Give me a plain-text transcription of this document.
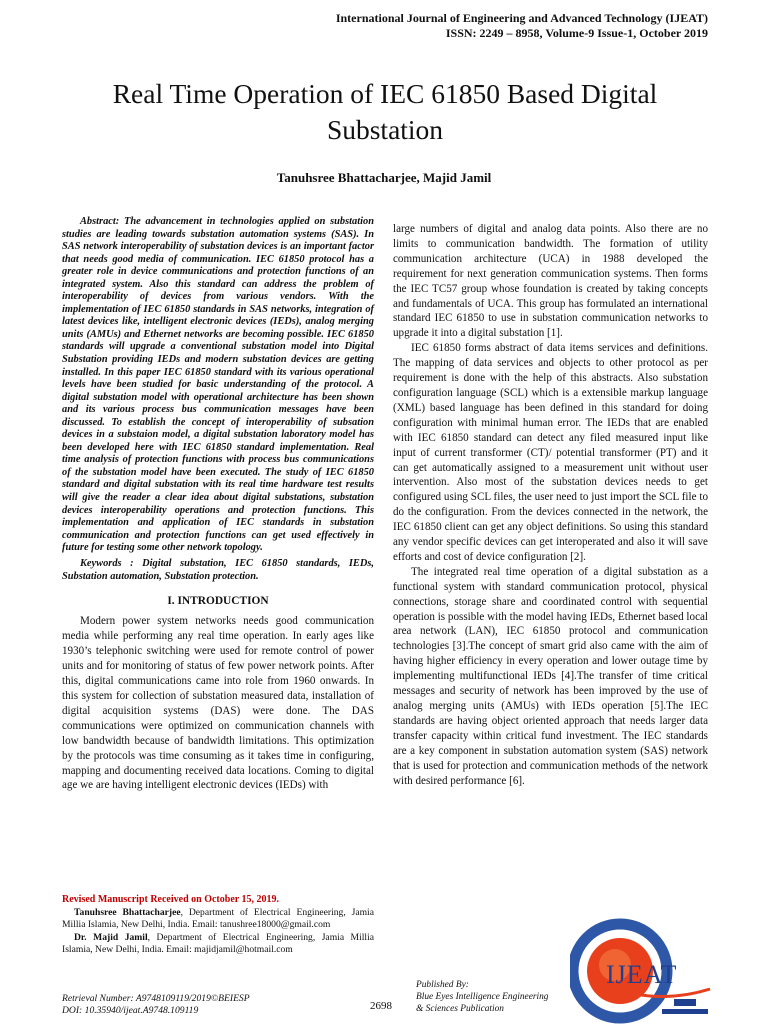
International Journal of Engineering and Advanced Technology (IJEAT)
ISSN: 2249 – 8958, Volume-9 Issue-1, October 2019
Real Time Operation of IEC 61850 Based Digital
Substation
Tanuhsree Bhattacharjee, Majid Jamil

Abstract: The advancement in technologies applied on substation studies are leading towards substation automation systems (SAS). In SAS network interoperability of substation devices is an important factor that needs good media of communication. IEC 61850 protocol has a greater role in device communications and protection functions of an integrated system. Also this standard can address the problem of interoperability of devices from various vendors. With the implementation of IEC 61850 standards in SAS networks, integration of latest devices like, intelligent electronic devices (IEDs), analog merging units (AMUs) and Ethernet networks are becoming possible. IEC 61850 standards will upgrade a conventional substation model into Digital Substation providing IEDs and modern substation devices are getting installed. In this paper IEC 61850 standard with its various operational levels have been studied for basic understanding of the protocol. A digital substation model with operational architecture has been shown and its various process bus communication messages have been discussed. To establish the concept of interoperability of subsation devices in a substaion model, a digital substation laboratory model has been developed here with IEC 61850 standard implementation. Real time analysis of protection functions with process bus communications of the substation model have been executed. The study of IEC 61850 standard and digital substation with its real time hardware test results will give the reader a clear idea about digital substations, substation devices interoperability operations and protection functions. This implementation and application of IEC standards in substation communication and protection functions can get used effectively in future for testing some other network topology.

Keywords : Digital substation, IEC 61850 standards, IEDs, Substation automation, Substation protection.

I. INTRODUCTION

Modern power system networks needs good communication media while performing any real time operation. In early ages like 1930’s telephonic switching were used for remote control of power units and for monitoring of status of few power network points. After this, digital communications came into role from 1960 onwards. In this system for collection of substation measured data, installation of digital acquisition systems (DAS) were done. The DAS communications were optimized on communication channels with low bandwidth because of bandwidth limitations. This optimization by the protocols was time consuming as it takes time in configuring, mapping and documenting received data locations. Coming to digital age we are having intelligent electronic devices (IEDs) with

large numbers of digital and analog data points. Also there are no limits to communication bandwidth. The formation of utility communication architecture (UCA) in 1988 developed the requirement for next generation communication systems. Then forms the IEC TC57 group whose foundation is created by taking concepts and fundamentals of UCA. This group has formulated an international standard IEC 61850 to use in substation communication networks to upgrade it into a digital substation [1].

IEC 61850 forms abstract of data items services and definitions. The mapping of data services and objects to other protocol as per requirement is done with the help of this abstracts. Also substation configuration language (SCL) which is a extensible markup language (XML) based language has been defined in this standard for doing configuration with minimal human error. The IEDs that are enabled with IEC 61850 standard can detect any filed measured input like input of current transformer (CT)/ potential transformer (PT) and it can get automatically assigned to a measurement unit without user intervention. Also most of the substation devices needs to get configured using SCL files, the user need to just import the SCL file to do the configuration. From the devices connected in the network, the IEC 61850 client can get any object definitions. So using this standard any vendor specific devices can get interoperated and also it will save efforts and cost of device configuration [2].

The integrated real time operation of a digital substation as a functional system with standard communication protocol, physical connections, storage share and coordinated control with sequential operation is possible with the model having IEDs, Ethernet based local area network (LAN), IEC 61850 protocol and communication technologies [3].The concept of smart grid also came with the aim of having higher efficiency in every operation and lower outage time by implementing multifunctional IEDs [4].The transfer of time critical messages and security of network has been improved by the use of analog merging units (AMUs) with IEDs operation [5].The IEC standards are having object oriented approach that needs larger data transfer capacity within critical fund investment. The IEC standards are a key component in substation automation system (SAS) network that is used for protection and communication methods of the network with desired performance [6].

Revised Manuscript Received on October 15, 2019.
Tanuhsree Bhattacharjee, Department of Electrical Engineering, Jamia Millia Islamia, New Delhi, India. Email: tanushree18000@gmail.com
Dr. Majid Jamil, Department of Electrical Engineering, Jamia Millia Islamia, New Delhi, India. Email: majidjamil@hotmail.com
Retrieval Number: A9748109119/2019©BEIESP
DOI: 10.35940/ijeat.A9748.109119	2698
Published By:
Blue Eyes Intelligence Engineering
& Sciences Publication
IJEAT
